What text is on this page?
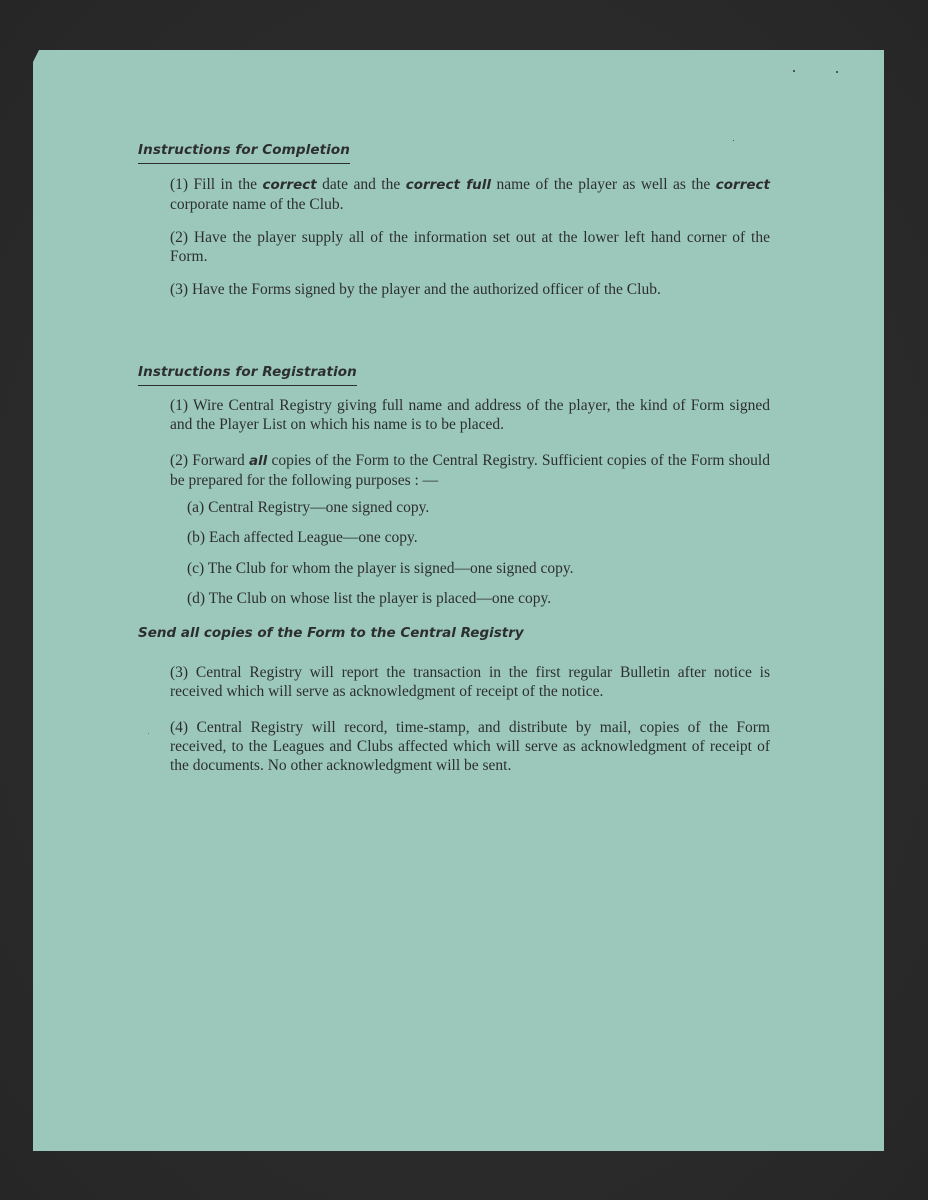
Instructions for Completion
(1) Fill in the correct date and the correct full name of the player as well as the correct corporate name of the Club.
(2) Have the player supply all of the information set out at the lower left hand corner of the Form.
(3) Have the Forms signed by the player and the authorized officer of the Club.
Instructions for Registration
(1) Wire Central Registry giving full name and address of the player, the kind of Form signed and the Player List on which his name is to be placed.
(2) Forward all copies of the Form to the Central Registry. Sufficient copies of the Form should be prepared for the following purposes : —
(a) Central Registry—one signed copy.
(b) Each affected League—one copy.
(c) The Club for whom the player is signed—one signed copy.
(d) The Club on whose list the player is placed—one copy.
Send all copies of the Form to the Central Registry
(3) Central Registry will report the transaction in the first regular Bulletin after notice is received which will serve as acknowledgment of receipt of the notice.
(4) Central Registry will record, time-stamp, and distribute by mail, copies of the Form received, to the Leagues and Clubs affected which will serve as acknowledgment of receipt of the documents. No other acknowledgment will be sent.
